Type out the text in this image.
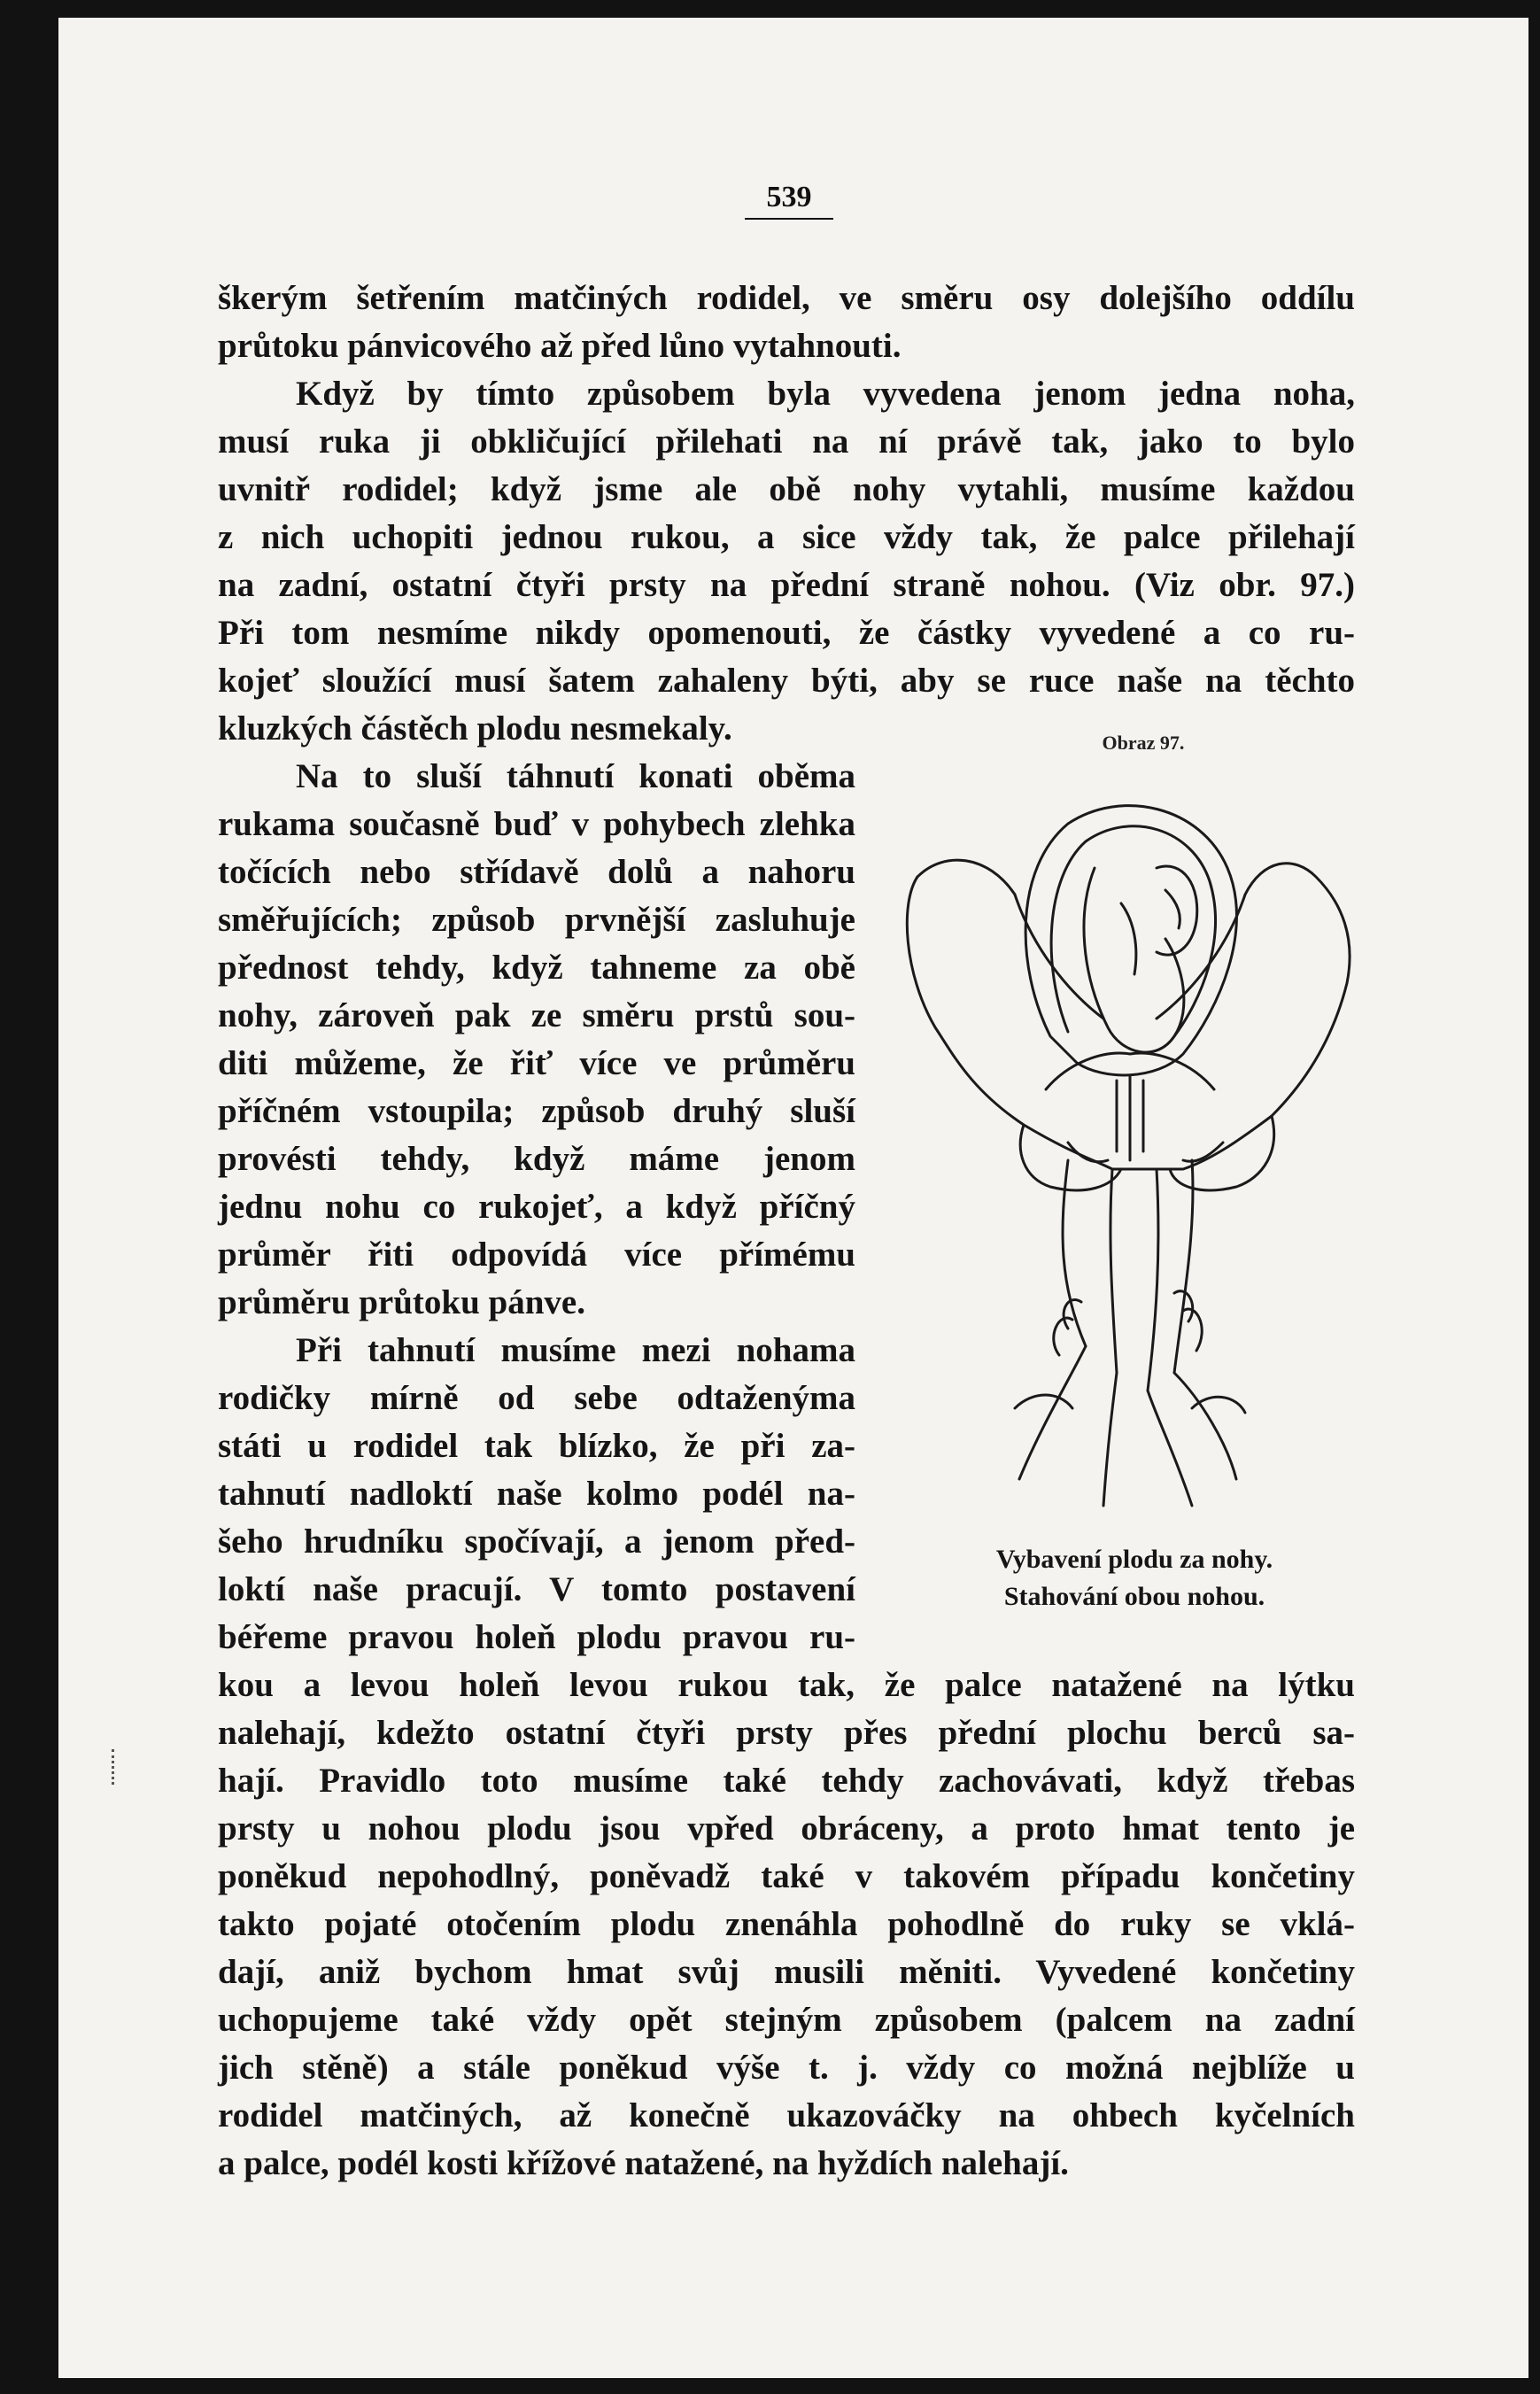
539
škerým šetřením matčiných rodidel, ve směru osy dolejšího oddílu
průtoku pánvicového až před lůno vytahnouti.
Když by tímto způsobem byla vyvedena jenom jedna noha,
musí ruka ji obkličující přilehati na ní právě tak, jako to bylo
uvnitř rodidel; když jsme ale obě nohy vytahli, musíme každou
z nich uchopiti jednou rukou, a sice vždy tak, že palce přilehají
na zadní, ostatní čtyři prsty na přední straně nohou. (Viz obr. 97.)
Při tom nesmíme nikdy opomenouti, že částky vyvedené a co ru-
kojeť sloužící musí šatem zahaleny býti, aby se ruce naše na těchto
kluzkých částěch plodu nesmekaly.
Na to sluší táhnutí konati oběma
rukama současně buď v pohybech zlehka
točících nebo střídavě dolů a nahoru
směřujících; způsob prvnější zasluhuje
přednost tehdy, když tahneme za obě
nohy, zároveň pak ze směru prstů sou-
diti můžeme, že řiť více ve průměru
příčném vstoupila; způsob druhý sluší
provésti tehdy, když máme jenom
jednu nohu co rukojeť, a když příčný
průměr řiti odpovídá více přímému
průměru průtoku pánve.
Při tahnutí musíme mezi nohama
rodičky mírně od sebe odtaženýma
státi u rodidel tak blízko, že při za-
tahnutí nadloktí naše kolmo podél na-
šeho hrudníku spočívají, a jenom před-
loktí naše pracují. V tomto postavení
béřeme pravou holeň plodu pravou ru-
kou a levou holeň levou rukou tak, že palce natažené na lýtku
nalehají, kdežto ostatní čtyři prsty přes přední plochu berců sa-
hají. Pravidlo toto musíme také tehdy zachovávati, když třebas
prsty u nohou plodu jsou vpřed obráceny, a proto hmat tento je
poněkud nepohodlný, poněvadž také v takovém případu končetiny
takto pojaté otočením plodu znenáhla pohodlně do ruky se vklá-
dají, aniž bychom hmat svůj musili měniti. Vyvedené končetiny
uchopujeme také vždy opět stejným způsobem (palcem na zadní
jich stěně) a stále poněkud výše t. j. vždy co možná nejblíže u
rodidel matčiných, až konečně ukazováčky na ohbech kyčelních
a palce, podél kosti křížové natažené, na hyždích nalehají.
Obraz 97.
Vybavení plodu za nohy.
Stahování obou nohou.
